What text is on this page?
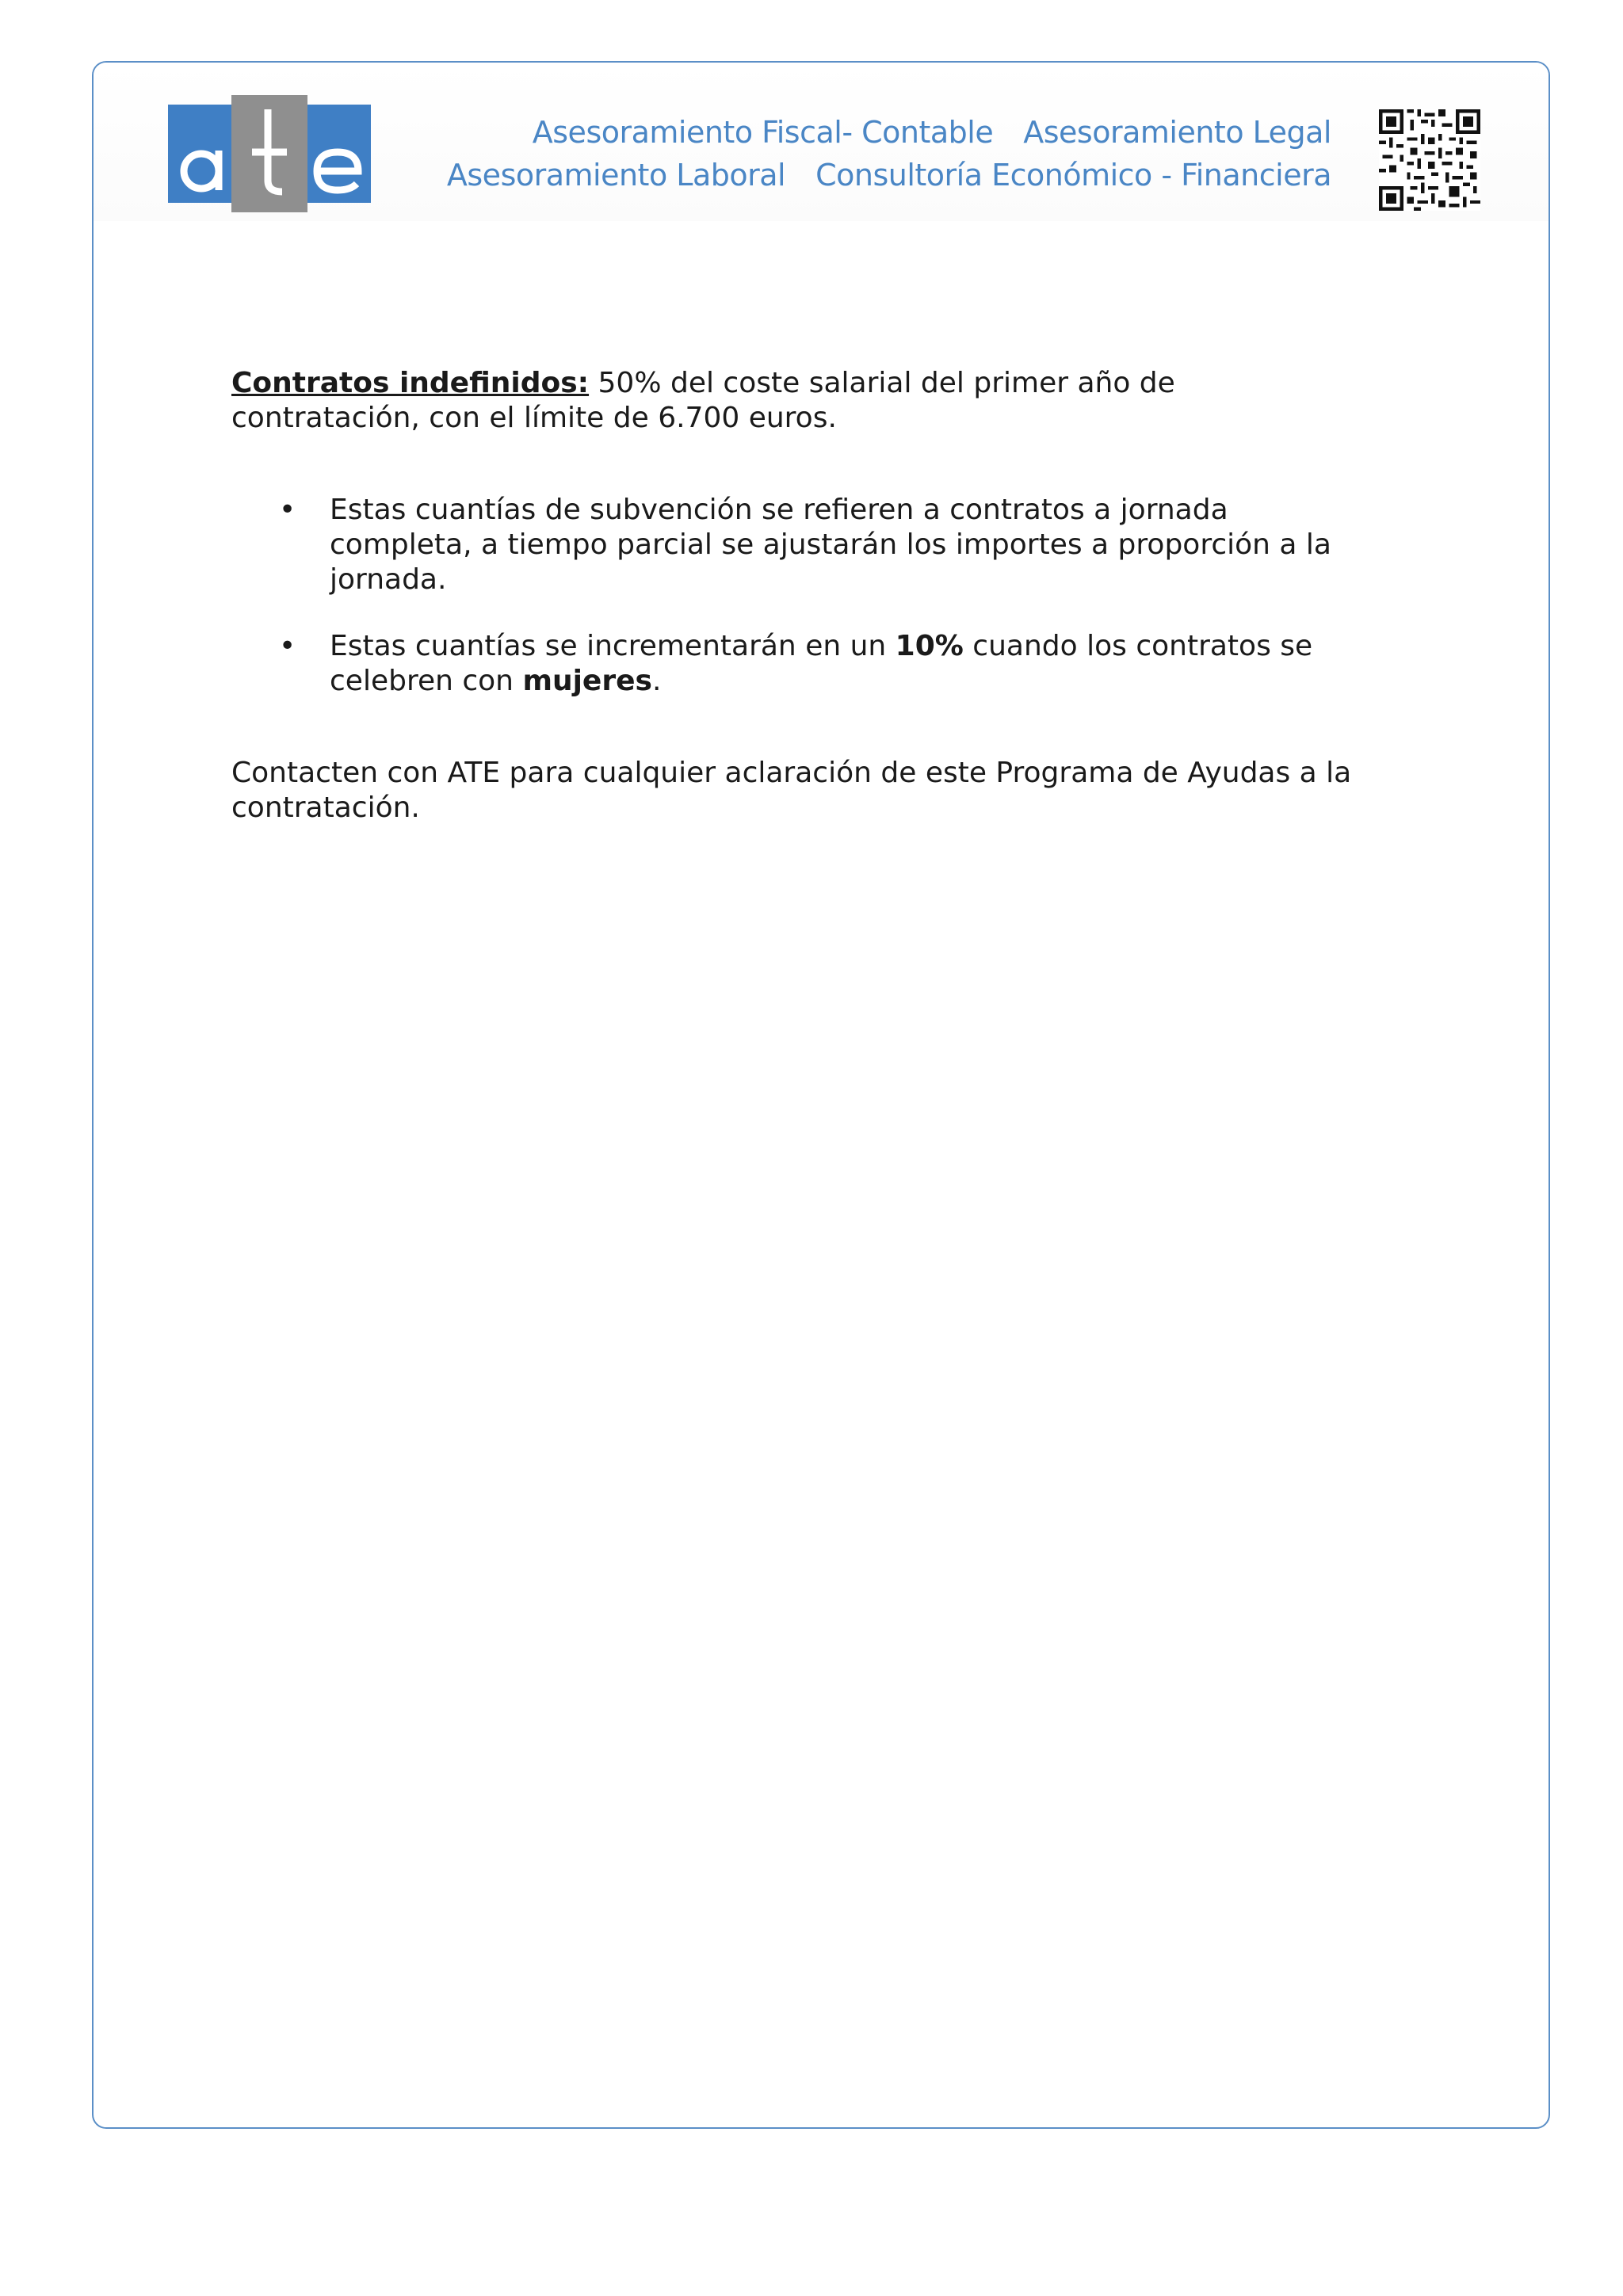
Asesoramiento Fiscal- Contable Asesoramiento Legal
Asesoramiento Laboral Consultoría Económico - Financiera

Contratos indefinidos: 50% del coste salarial del primer año de contratación, con el límite de 6.700 euros.

• Estas cuantías de subvención se refieren a contratos a jornada completa, a tiempo parcial se ajustarán los importes a proporción a la jornada.
• Estas cuantías se incrementarán en un 10% cuando los contratos se celebren con mujeres.

Contacten con ATE para cualquier aclaración de este Programa de Ayudas a la contratación.
